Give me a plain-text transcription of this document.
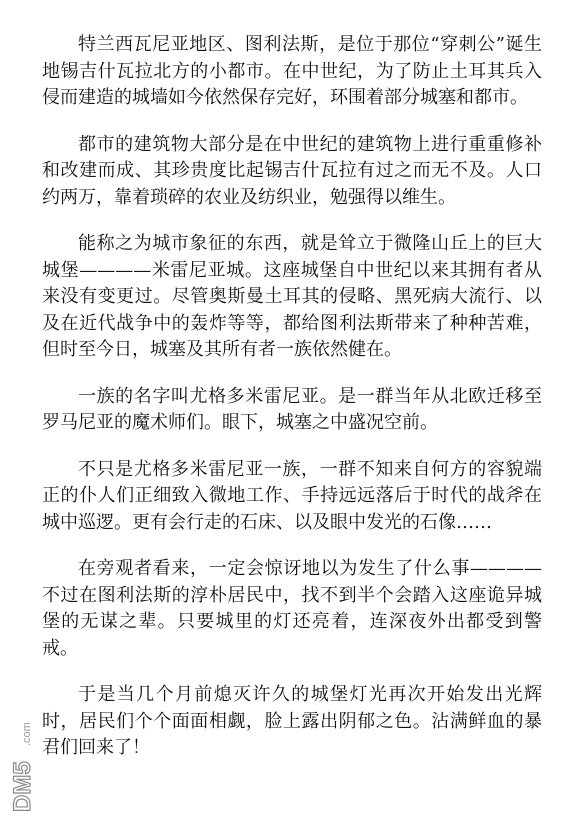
特兰西瓦尼亚地区、图利法斯，是位于那位“穿刺公”诞生地锡吉什瓦拉北方的小都市。在中世纪，为了防止土耳其兵入侵而建造的城墙如今依然保存完好，环围着部分城塞和都市。

都市的建筑物大部分是在中世纪的建筑物上进行重重修补和改建而成、其珍贵度比起锡吉什瓦拉有过之而无不及。人口约两万，靠着琐碎的农业及纺织业，勉强得以维生。

能称之为城市象征的东西，就是耸立于微隆山丘上的巨大城堡————米雷尼亚城。这座城堡自中世纪以来其拥有者从来没有变更过。尽管奥斯曼土耳其的侵略、黑死病大流行、以及在近代战争中的轰炸等等，都给图利法斯带来了种种苦难，但时至今日，城塞及其所有者一族依然健在。

一族的名字叫尤格多米雷尼亚。是一群当年从北欧迁移至罗马尼亚的魔术师们。眼下，城塞之中盛况空前。

不只是尤格多米雷尼亚一族，一群不知来自何方的容貌端正的仆人们正细致入微地工作、手持远远落后于时代的战斧在城中巡逻。更有会行走的石床、以及眼中发光的石像……

在旁观者看来，一定会惊讶地以为发生了什么事————不过在图利法斯的淳朴居民中，找不到半个会踏入这座诡异城堡的无谋之辈。只要城里的灯还亮着，连深夜外出都受到警戒。

于是当几个月前熄灭许久的城堡灯光再次开始发出光辉时，居民们个个面面相觑，脸上露出阴郁之色。沾满鲜血的暴君们回来了！

DM5
.com
